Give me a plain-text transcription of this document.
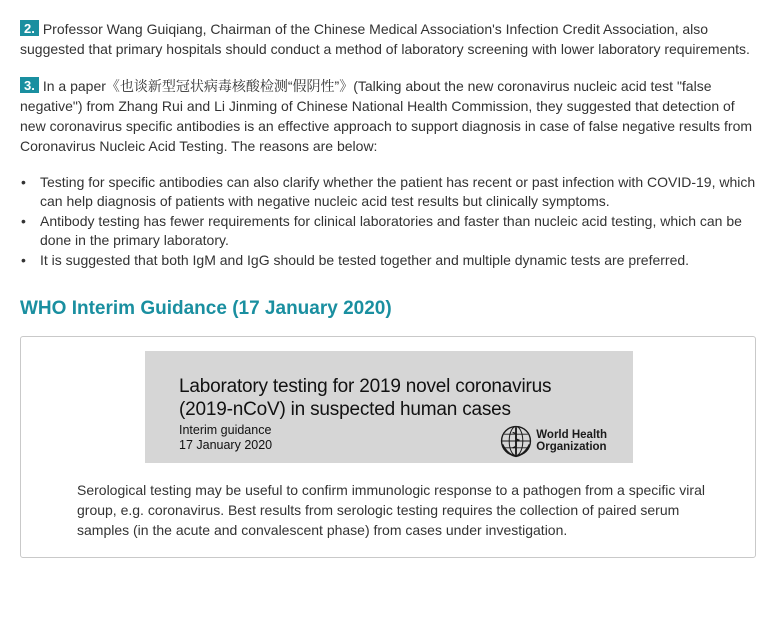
2. Professor Wang Guiqiang, Chairman of the Chinese Medical Association's Infection Credit Association, also suggested that primary hospitals should conduct a method of laboratory screening with lower laboratory requirements.

3. In a paper《也谈新型冠状病毒核酸检测“假阴性”》(Talking about the new coronavirus nucleic acid test "false negative") from Zhang Rui and Li Jinming of Chinese National Health Commission, they suggested that detection of new coronavirus specific antibodies is an effective approach to support diagnosis in case of false negative results from Coronavirus Nucleic Acid Testing. The reasons are below:

• Testing for specific antibodies can also clarify whether the patient has recent or past infection with COVID-19, which can help diagnosis of patients with negative nucleic acid test results but clinically symptoms.
• Antibody testing has fewer requirements for clinical laboratories and faster than nucleic acid testing, which can be done in the primary laboratory.
• It is suggested that both IgM and IgG should be tested together and multiple dynamic tests are preferred.
WHO Interim Guidance (17 January 2020)
Laboratory testing for 2019 novel coronavirus
(2019-nCoV) in suspected human cases
Interim guidance
17 January 2020
World Health
Organization
Serological testing may be useful to confirm immunologic response to a pathogen from a specific viral group, e.g. coronavirus. Best results from serologic testing requires the collection of paired serum samples (in the acute and convalescent phase) from cases under investigation.
